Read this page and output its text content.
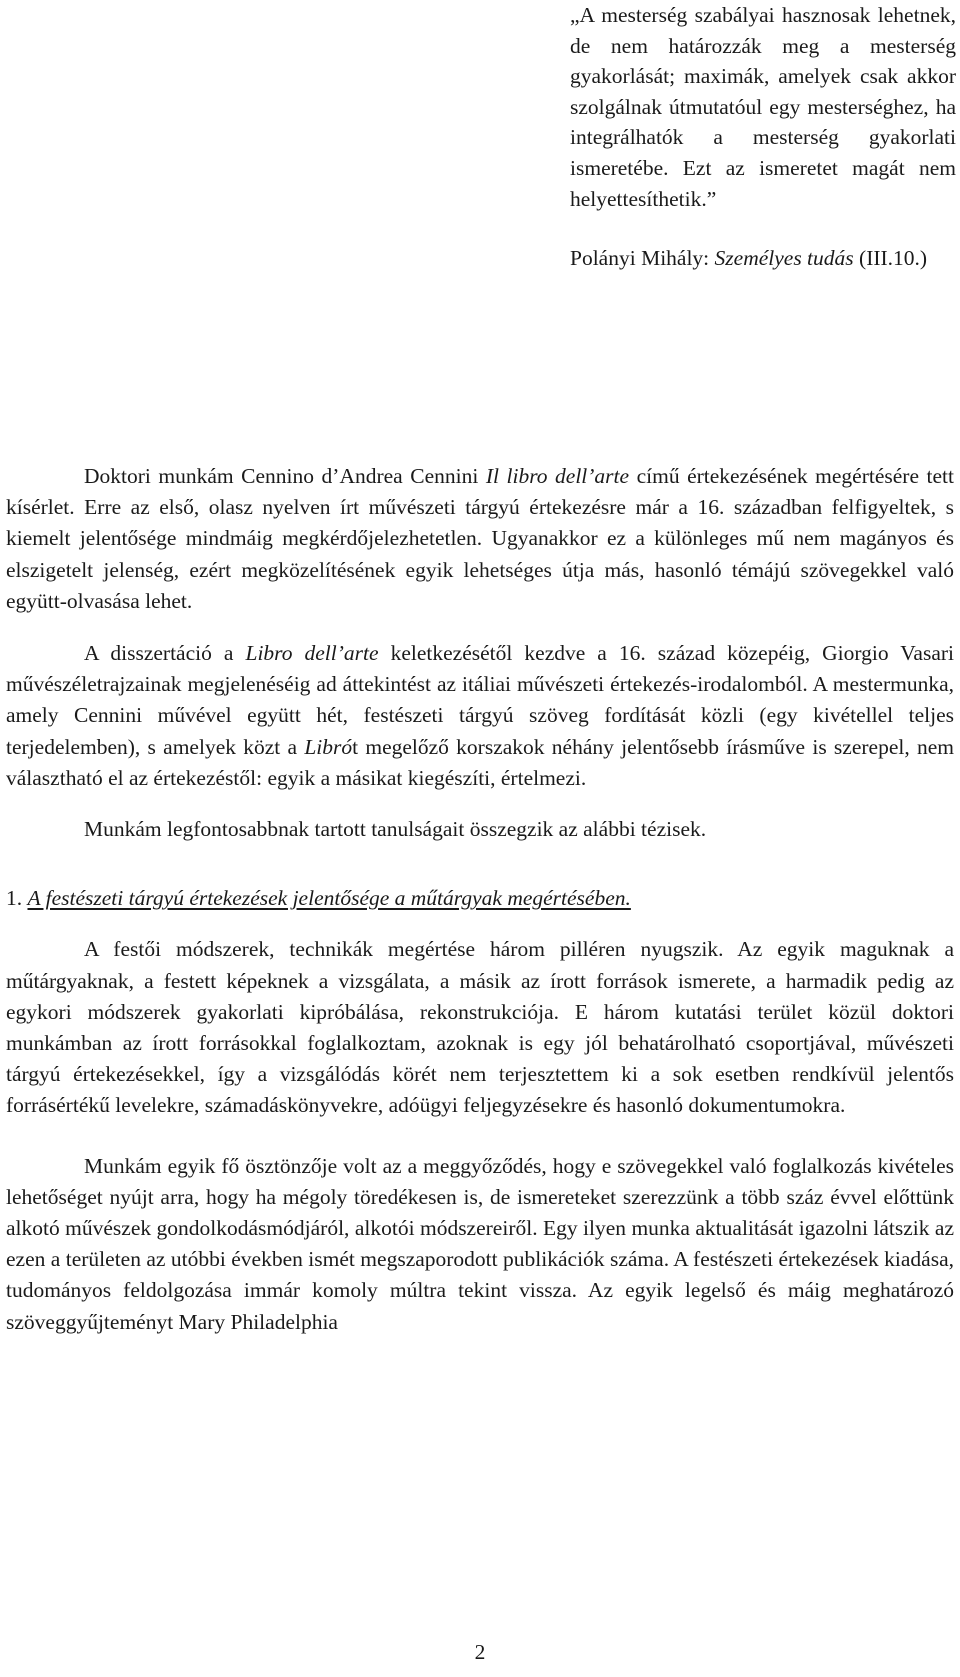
„A mesterség szabályai hasznosak lehetnek, de nem határozzák meg a mesterség gyakorlását; maximák, amelyek csak akkor szolgálnak útmutatóul egy mesterséghez, ha integrálhatók a mesterség gyakorlati ismeretébe. Ezt az ismeretet magát nem helyettesíthetik.”

Polányi Mihály: Személyes tudás (III.10.)

Doktori munkám Cennino d’Andrea Cennini Il libro dell’arte című értekezésének megértésére tett kísérlet. Erre az első, olasz nyelven írt művészeti tárgyú értekezésre már a 16. században felfigyeltek, s kiemelt jelentősége mindmáig megkérdőjelezhetetlen. Ugyanakkor ez a különleges mű nem magányos és elszigetelt jelenség, ezért megközelítésének egyik lehetséges útja más, hasonló témájú szövegekkel való együtt-olvasása lehet.

A disszertáció a Libro dell’arte keletkezésétől kezdve a 16. század közepéig, Giorgio Vasari művészéletrajzainak megjelenéséig ad áttekintést az itáliai művészeti értekezés-irodalomból. A mestermunka, amely Cennini művével együtt hét, festészeti tárgyú szöveg fordítását közli (egy kivétellel teljes terjedelemben), s amelyek közt a Librót megelőző korszakok néhány jelentősebb írásműve is szerepel, nem választható el az értekezéstől: egyik a másikat kiegészíti, értelmezi.

Munkám legfontosabbnak tartott tanulságait összegzik az alábbi tézisek.

1. A festészeti tárgyú értekezések jelentősége a műtárgyak megértésében.

A festői módszerek, technikák megértése három pilléren nyugszik. Az egyik maguknak a műtárgyaknak, a festett képeknek a vizsgálata, a másik az írott források ismerete, a harmadik pedig az egykori módszerek gyakorlati kipróbálása, rekonstrukciója. E három kutatási terület közül doktori munkámban az írott forrásokkal foglalkoztam, azoknak is egy jól behatárolható csoportjával, művészeti tárgyú értekezésekkel, így a vizsgálódás körét nem terjesztettem ki a sok esetben rendkívül jelentős forrásértékű levelekre, számadáskönyvekre, adóügyi feljegyzésekre és hasonló dokumentumokra.

Munkám egyik fő ösztönzője volt az a meggyőződés, hogy e szövegekkel való foglalkozás kivételes lehetőséget nyújt arra, hogy ha mégoly töredékesen is, de ismereteket szerezzünk a több száz évvel előttünk alkotó művészek gondolkodásmódjáról, alkotói módszereiről. Egy ilyen munka aktualitását igazolni látszik az ezen a területen az utóbbi években ismét megszaporodott publikációk száma. A festészeti értekezések kiadása, tudományos feldolgozása immár komoly múltra tekint vissza. Az egyik legelső és máig meghatározó szöveggyűjteményt Mary Philadelphia

2
